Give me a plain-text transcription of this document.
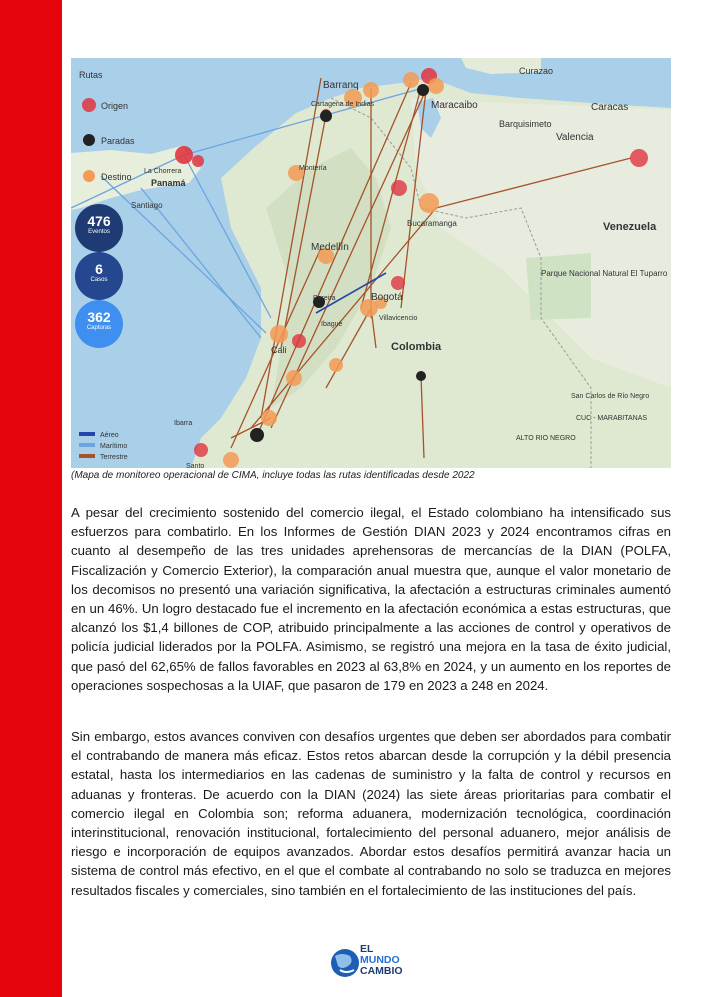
Curazao
Barranq
Cartagena de Indias	Maracaibo	Caracas
Barquisimeto
Valencia
Panamá
La Chorrera
Santiago
Montería
Venezuela
Medellín
Bucaramanga
Parque Nacional Natural El Tuparro
Pereira	Bogotá
Ibagué
Villavicencio
Colombia
Cali
San Carlos de Río Negro
CUC - MARABITANAS
ALTO RIO NEGRO
Ibarra
Santo
Rutas
Origen
Paradas
Destino
Aéreo
Marítimo
Terrestre
476
Eventos
6
Casos
362
Capturas
(Mapa de monitoreo operacional de CIMA, incluye todas las rutas identificadas desde 2022

A pesar del crecimiento sostenido del comercio ilegal, el Estado colombiano ha intensificado sus esfuerzos para combatirlo. En los Informes de Gestión DIAN 2023 y 2024 encontramos cifras en cuanto al desempeño de las tres unidades aprehensoras de mercancías de la DIAN (POLFA, Fiscalización y Comercio Exterior), la comparación anual muestra que, aunque el valor monetario de los decomisos no presentó una variación significativa, la afectación a estructuras criminales aumentó en un 46%. Un logro destacado fue el incremento en la afectación económica a estas estructuras, que alcanzó los $1,4 billones de COP, atribuido principalmente a las acciones de control y operativos de policía judicial liderados por la POLFA. Asimismo, se registró una mejora en la tasa de éxito judicial, que pasó del 62,65% de fallos favorables en 2023 al 63,8% en 2024, y un aumento en los reportes de operaciones sospechosas a la UIAF, que pasaron de 179 en 2023 a 248 en 2024.

Sin embargo, estos avances conviven con desafíos urgentes que deben ser abordados para combatir el contrabando de manera más eficaz. Estos retos abarcan desde la corrupción y la débil presencia estatal, hasta los intermediarios en las cadenas de suministro y la falta de control y recursos en aduanas y fronteras. De acuerdo con la DIAN (2024) las siete áreas prioritarias para combatir el comercio ilegal en Colombia son; reforma aduanera, modernización tecnológica, coordinación interinstitucional, renovación institucional, fortalecimiento del personal aduanero, mejor análisis de riesgo e incorporación de equipos avanzados. Abordar estos desafíos permitirá avanzar hacia un sistema de control más efectivo, en el que el combate al contrabando no solo se traduzca en mejores resultados fiscales y comerciales, sino también en el fortalecimiento de las instituciones del país.

EL
MUNDO
CAMBIO
